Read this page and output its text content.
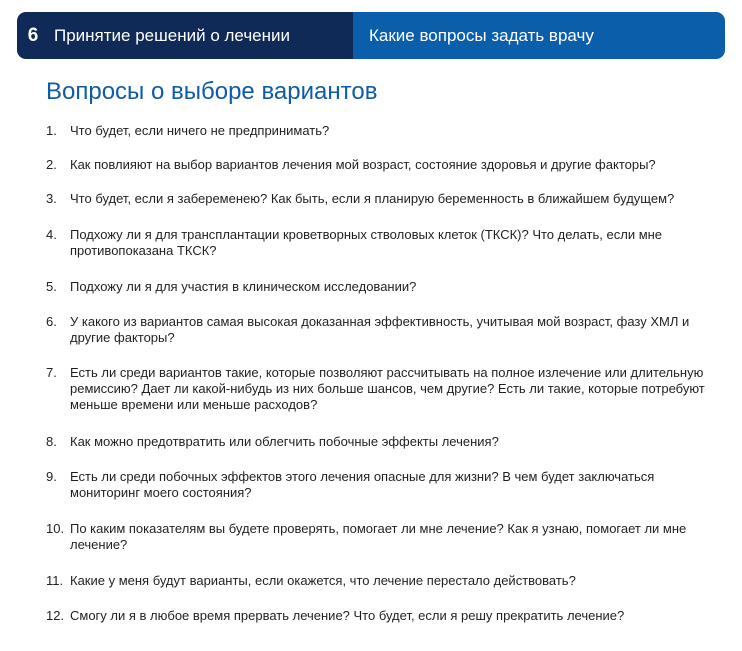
6 Принятие решений о лечении	Какие вопросы задать врачу
Вопросы о выборе вариантов
1. Что будет, если ничего не предпринимать?
2. Как повлияют на выбор вариантов лечения мой возраст, состояние здоровья и другие факторы?
3. Что будет, если я забеременею? Как быть, если я планирую беременность в ближайшем будущем?
4. Подхожу ли я для трансплантации кроветворных стволовых клеток (ТКСК)? Что делать, если мне противопоказана ТКСК?
5. Подхожу ли я для участия в клиническом исследовании?
6. У какого из вариантов самая высокая доказанная эффективность, учитывая мой возраст, фазу ХМЛ и другие факторы?
7. Есть ли среди вариантов такие, которые позволяют рассчитывать на полное излечение или длительную ремиссию? Дает ли какой-нибудь из них больше шансов, чем другие? Есть ли такие, которые потребуют меньше времени или меньше расходов?
8. Как можно предотвратить или облегчить побочные эффекты лечения?
9. Есть ли среди побочных эффектов этого лечения опасные для жизни? В чем будет заключаться мониторинг моего состояния?
10. По каким показателям вы будете проверять, помогает ли мне лечение? Как я узнаю, помогает ли мне лечение?
11. Какие у меня будут варианты, если окажется, что лечение перестало действовать?
12. Смогу ли я в любое время прервать лечение? Что будет, если я решу прекратить лечение?
